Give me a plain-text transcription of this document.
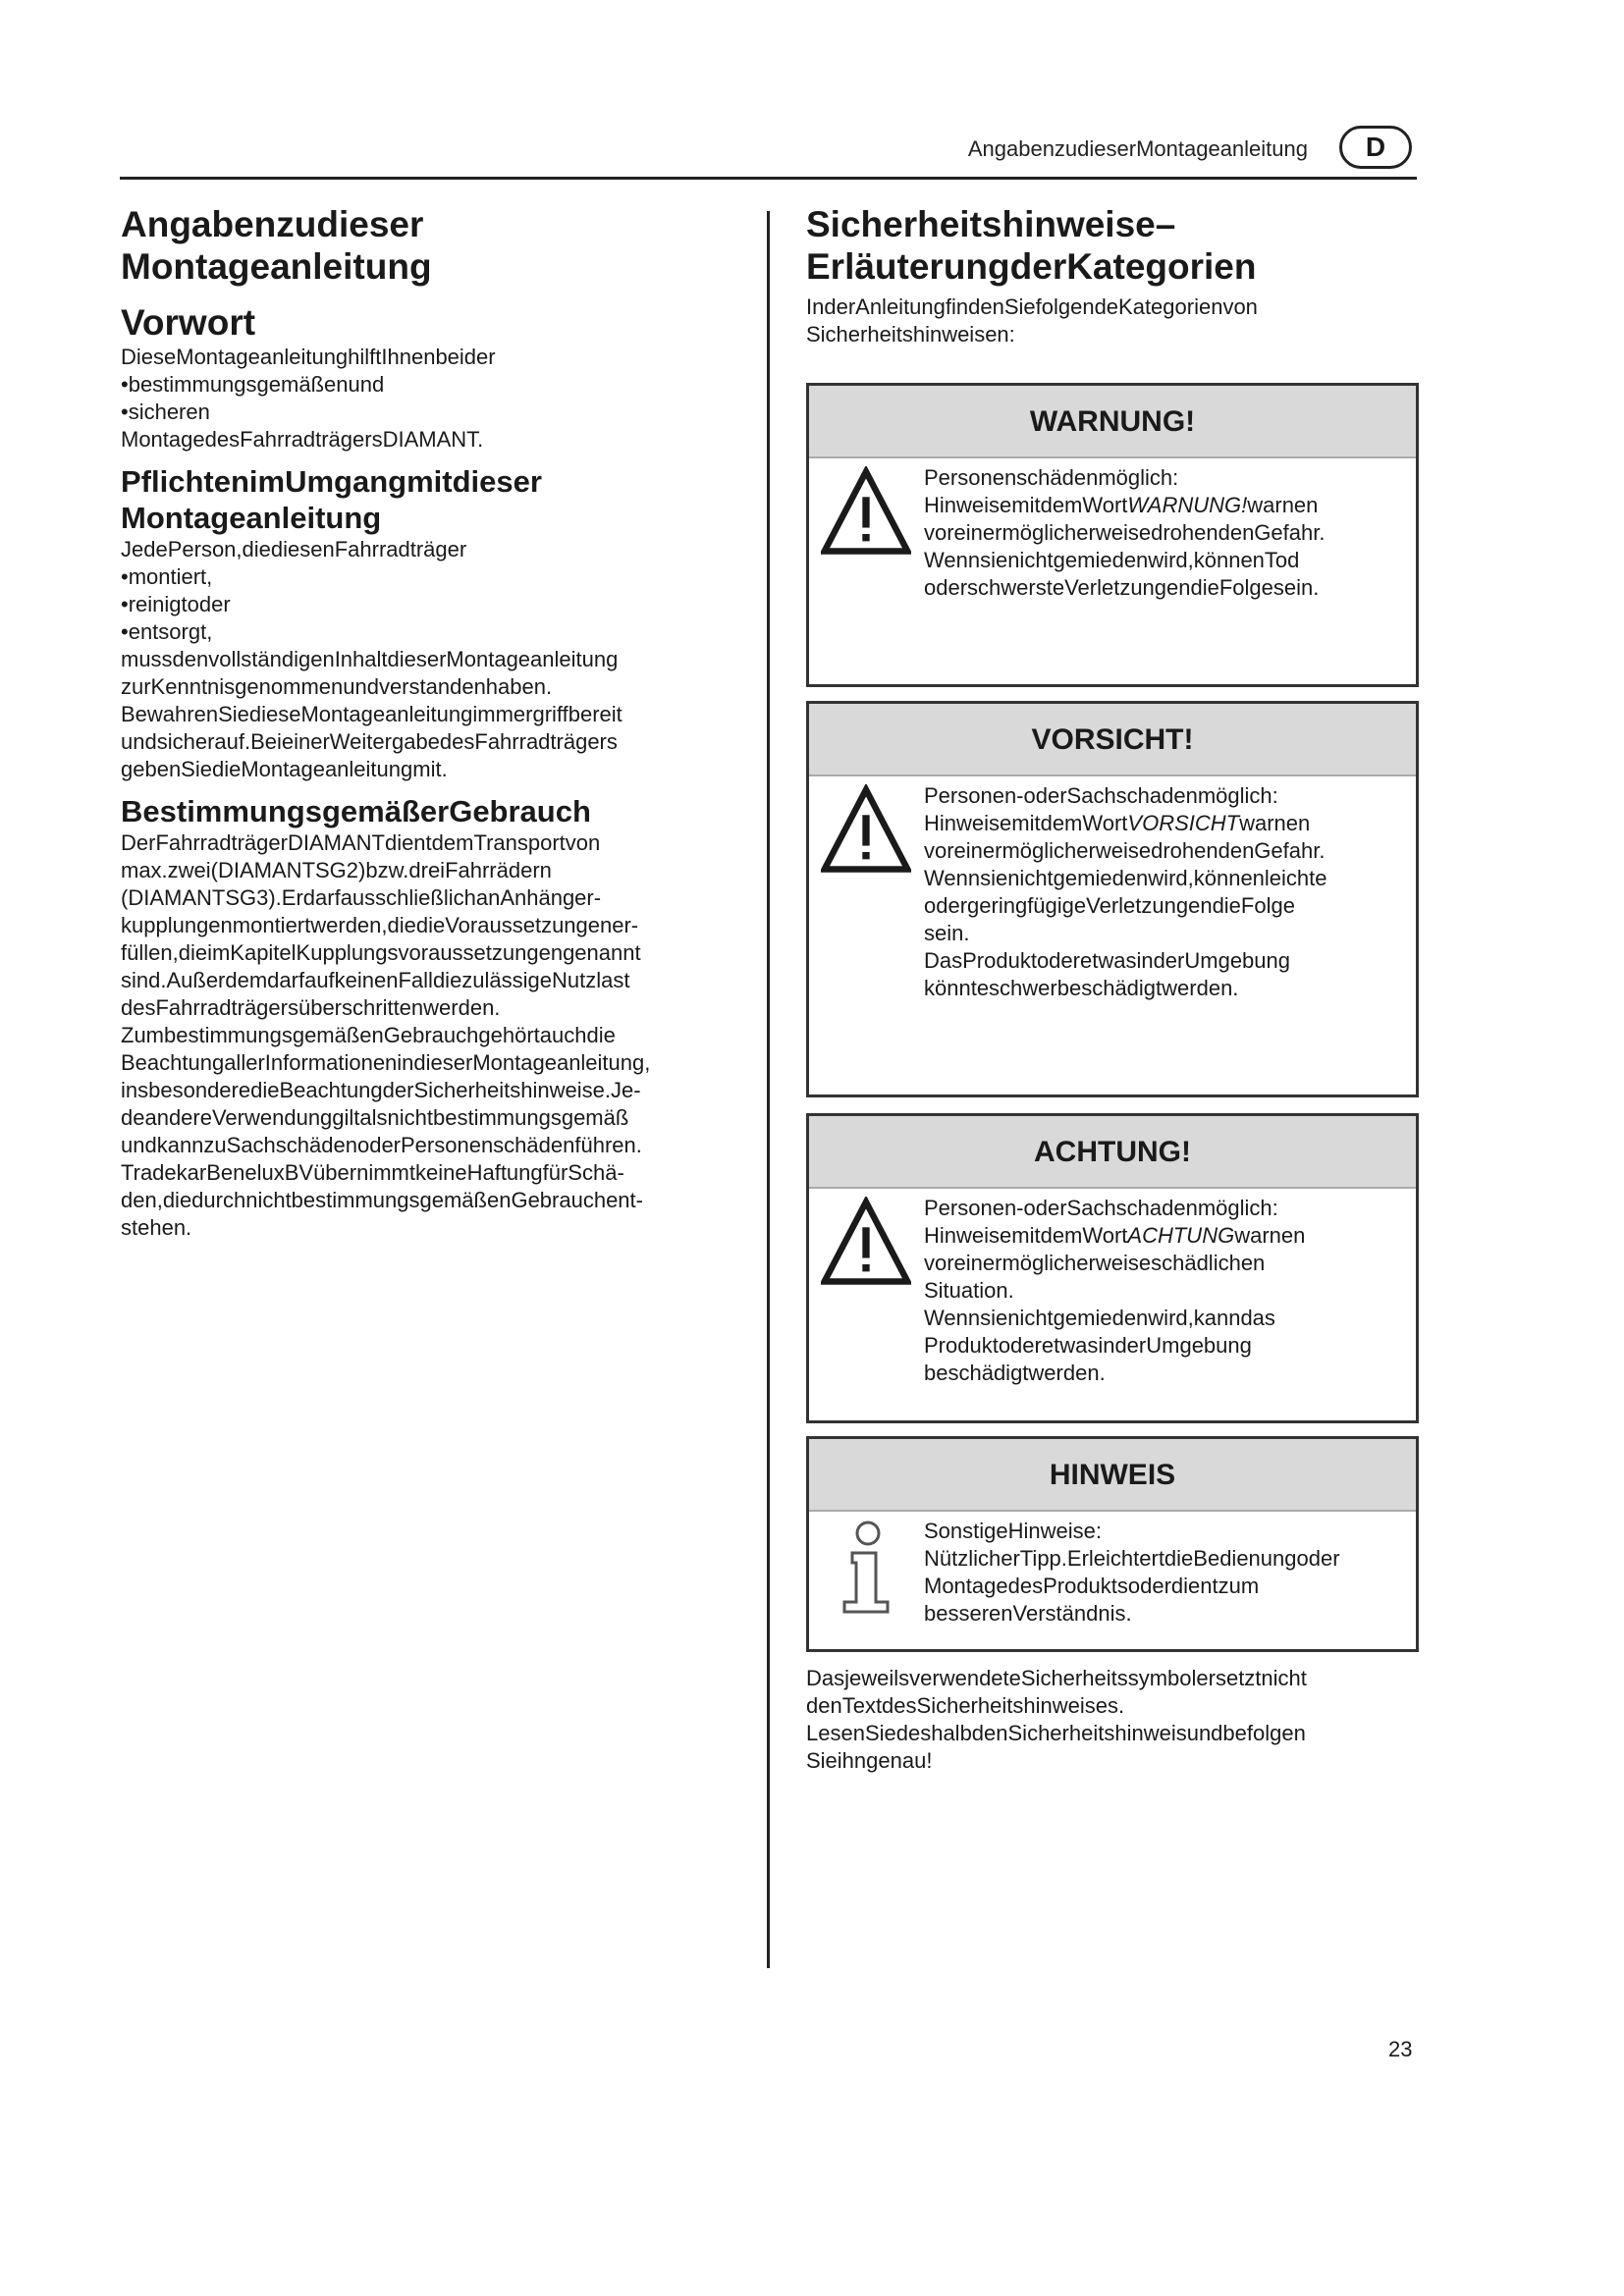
AngabenzudieserMontageanleitung	D
Angabenzudieser
Montageanleitung
Vorwort
DieseMontageanleitunghilftIhnenbeider
•bestimmungsgemäßenund
•sicheren
MontagedesFahrradträgersDIAMANT.
PflichtenimUmgangmitdieser
Montageanleitung
JedePerson,diediesenFahrradträger
•montiert,
•reinigtoder
•entsorgt,
mussdenvollständigenInhaltdieserMontageanleitung
zurKenntnisgenommenundverstandenhaben.
BewahrenSiedieseMontageanleitungimmergriffbereit
undsicherauf.BeieinerWeitergabedesFahrradträgers
gebenSiedieMontageanleitungmit.
BestimmungsgemäßerGebrauch
DerFahrradträgerDIAMANTdientdemTransportvon
max.zwei(DIAMANTSG2)bzw.dreiFahrrädern
(DIAMANTSG3).ErdarfausschließlichanAnhänger-
kupplungenmontiertwerden,diedieVoraussetzungener-
füllen,dieimKapitelKupplungsvoraussetzungengenannt
sind.AußerdemdarfaufkeinenFalldiezulässigeNutzlast
desFahrradträgersüberschrittenwerden.
ZumbestimmungsgemäßenGebrauchgehörtauchdie
BeachtungallerInformationenindieserMontageanleitung,
insbesonderedieBeachtungderSicherheitshinweise.Je-
deandereVerwendunggiltalsnichtbestimmungsgemäß
undkannzuSachschädenoderPersonenschädenführen.
TradekarBeneluxBVübernimmtkeineHaftungfürSchä-
den,diedurchnichtbestimmungsgemäßenGebrauchent-
stehen.
Sicherheitshinweise–
ErläuterungderKategorien
InderAnleitungfindenSiefolgendeKategorienvon
Sicherheitshinweisen:
WARNUNG!
Personenschädenmöglich:
HinweisemitdemWortWARNUNG!warnen
voreinermöglicherweisedrohendenGefahr.
Wennsienichtgemiedenwird,könnenTod
oderschwersteVerletzungendieFolgesein.
VORSICHT!
Personen-oderSachschadenmöglich:
HinweisemitdemWortVORSICHTwarnen
voreinermöglicherweisedrohendenGefahr.
Wennsienichtgemiedenwird,könnenleichte
odergeringfügigeVerletzungendieFolge
sein.
DasProduktoderetwasinderUmgebung
könnteschwerbeschädigtwerden.
ACHTUNG!
Personen-oderSachschadenmöglich:
HinweisemitdemWortACHTUNGwarnen
voreinermöglicherweiseschädlichen
Situation.
Wennsienichtgemiedenwird,kanndas
ProduktoderetwasinderUmgebung
beschädigtwerden.
HINWEIS
SonstigeHinweise:
NützlicherTipp.ErleichtertdieBedienungoder
MontagedesProduktsoderdientzum
besserenVerständnis.
DasjeweilsverwendeteSicherheitssymbolersetztnicht
denTextdesSicherheitshinweises.
LesenSiedeshalbdenSicherheitshinweisundbefolgen
Sieihngenau!
23
